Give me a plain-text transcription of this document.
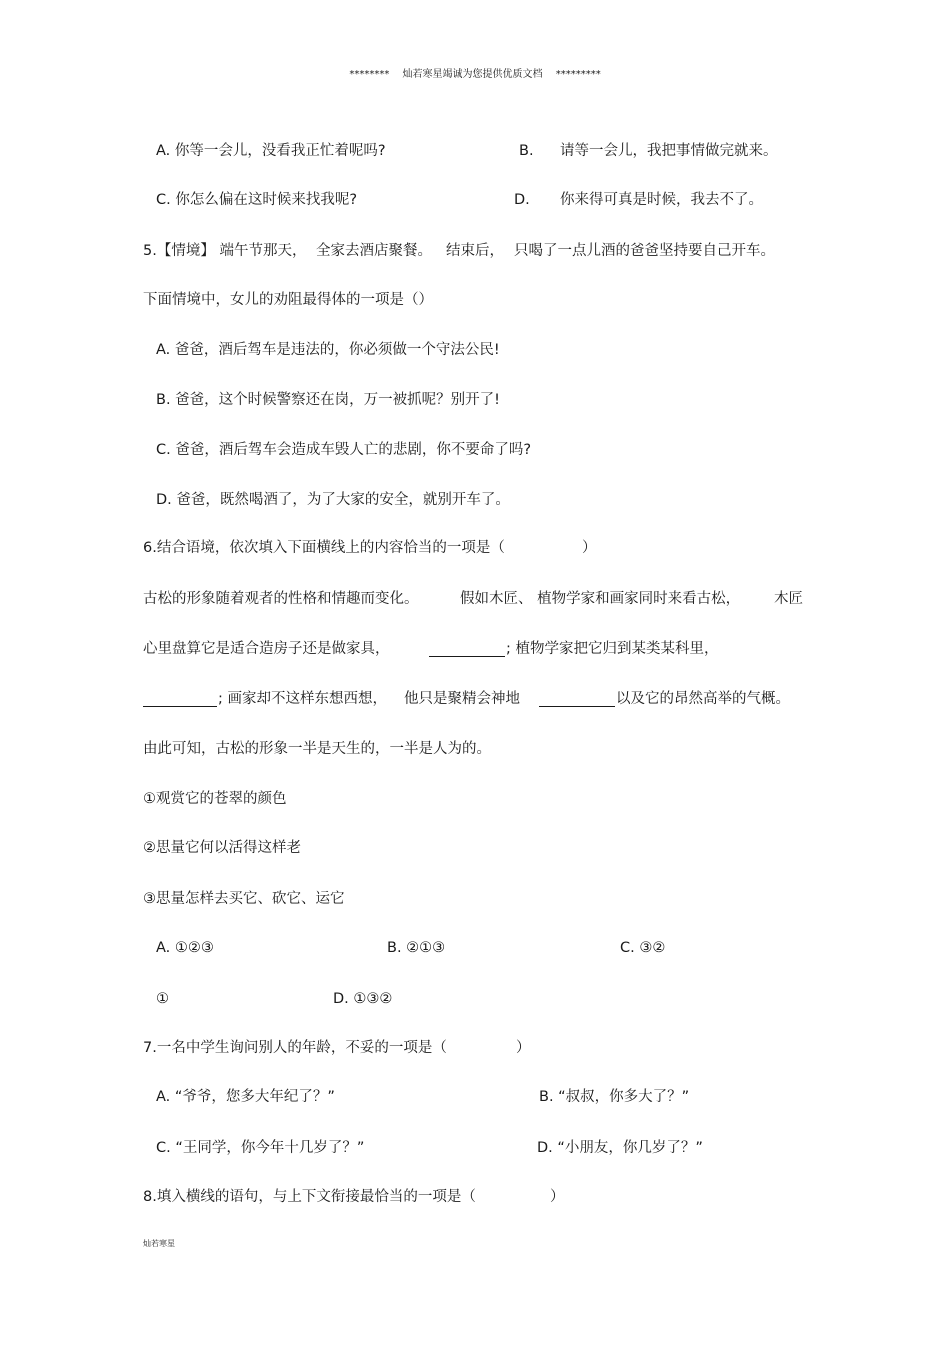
******** 灿若寒星竭诚为您提供优质文档 *********
A. 你等一会儿，没看我正忙着呢吗?	B. 请等一会儿，我把事情做完就来。
C. 你怎么偏在这时候来找我呢?	D. 你来得可真是时候，我去不了。
5.【情境】 端午节那天， 全家去酒店聚餐。 结束后， 只喝了一点儿酒的爸爸坚持要自己开车。
下面情境中，女儿的劝阻最得体的一项是（）
A. 爸爸，酒后驾车是违法的，你必须做一个守法公民!
B. 爸爸，这个时候警察还在岗，万一被抓呢？别开了!
C. 爸爸，酒后驾车会造成车毁人亡的悲剧，你不要命了吗?
D. 爸爸，既然喝酒了，为了大家的安全，就别开车了。
6.结合语境，依次填入下面横线上的内容恰当的一项是（	）
古松的形象随着观者的性格和情趣而变化。	假如木匠、 植物学家和画家同时来看古松， 木匠
心里盘算它是适合造房子还是做家具，	; 植物学家把它归到某类某科里，
; 画家却不这样东想西想， 他只是聚精会神地	以及它的昂然高举的气概。
由此可知，古松的形象一半是天生的，一半是人为的。
①观赏它的苍翠的颜色
②思量它何以活得这样老
③思量怎样去买它、砍它、运它
A. ①②③	B. ②①③	C. ③②
①	D. ①③②
7.一名中学生询问别人的年龄，不妥的一项是（	）
A. “爷爷，您多大年纪了？”	B. “叔叔，你多大了？”
C. “王同学，你今年十几岁了？”	D. “小朋友，你几岁了？”
8.填入横线的语句，与上下文衔接最恰当的一项是（	）
灿若寒星
